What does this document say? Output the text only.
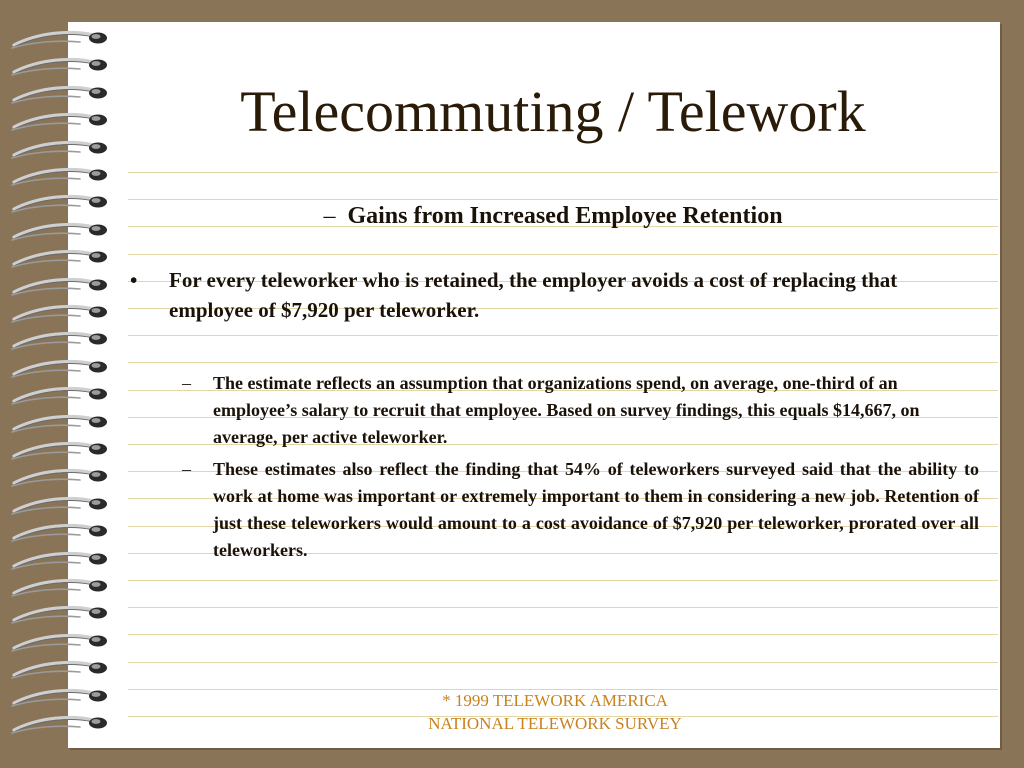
Telecommuting / Telework
– Gains from Increased Employee Retention
• For every teleworker who is retained, the employer avoids a cost of replacing that employee of $7,920 per teleworker.
– The estimate reflects an assumption that organizations spend, on average, one-third of an employee’s salary to recruit that employee. Based on survey findings, this equals $14,667, on average, per active teleworker.
– These estimates also reflect the finding that 54% of teleworkers surveyed said that the ability to work at home was important or extremely important to them in considering a new job. Retention of just these teleworkers would amount to a cost avoidance of $7,920 per teleworker, prorated over all teleworkers.
* 1999 TELEWORK AMERICA
NATIONAL TELEWORK SURVEY
